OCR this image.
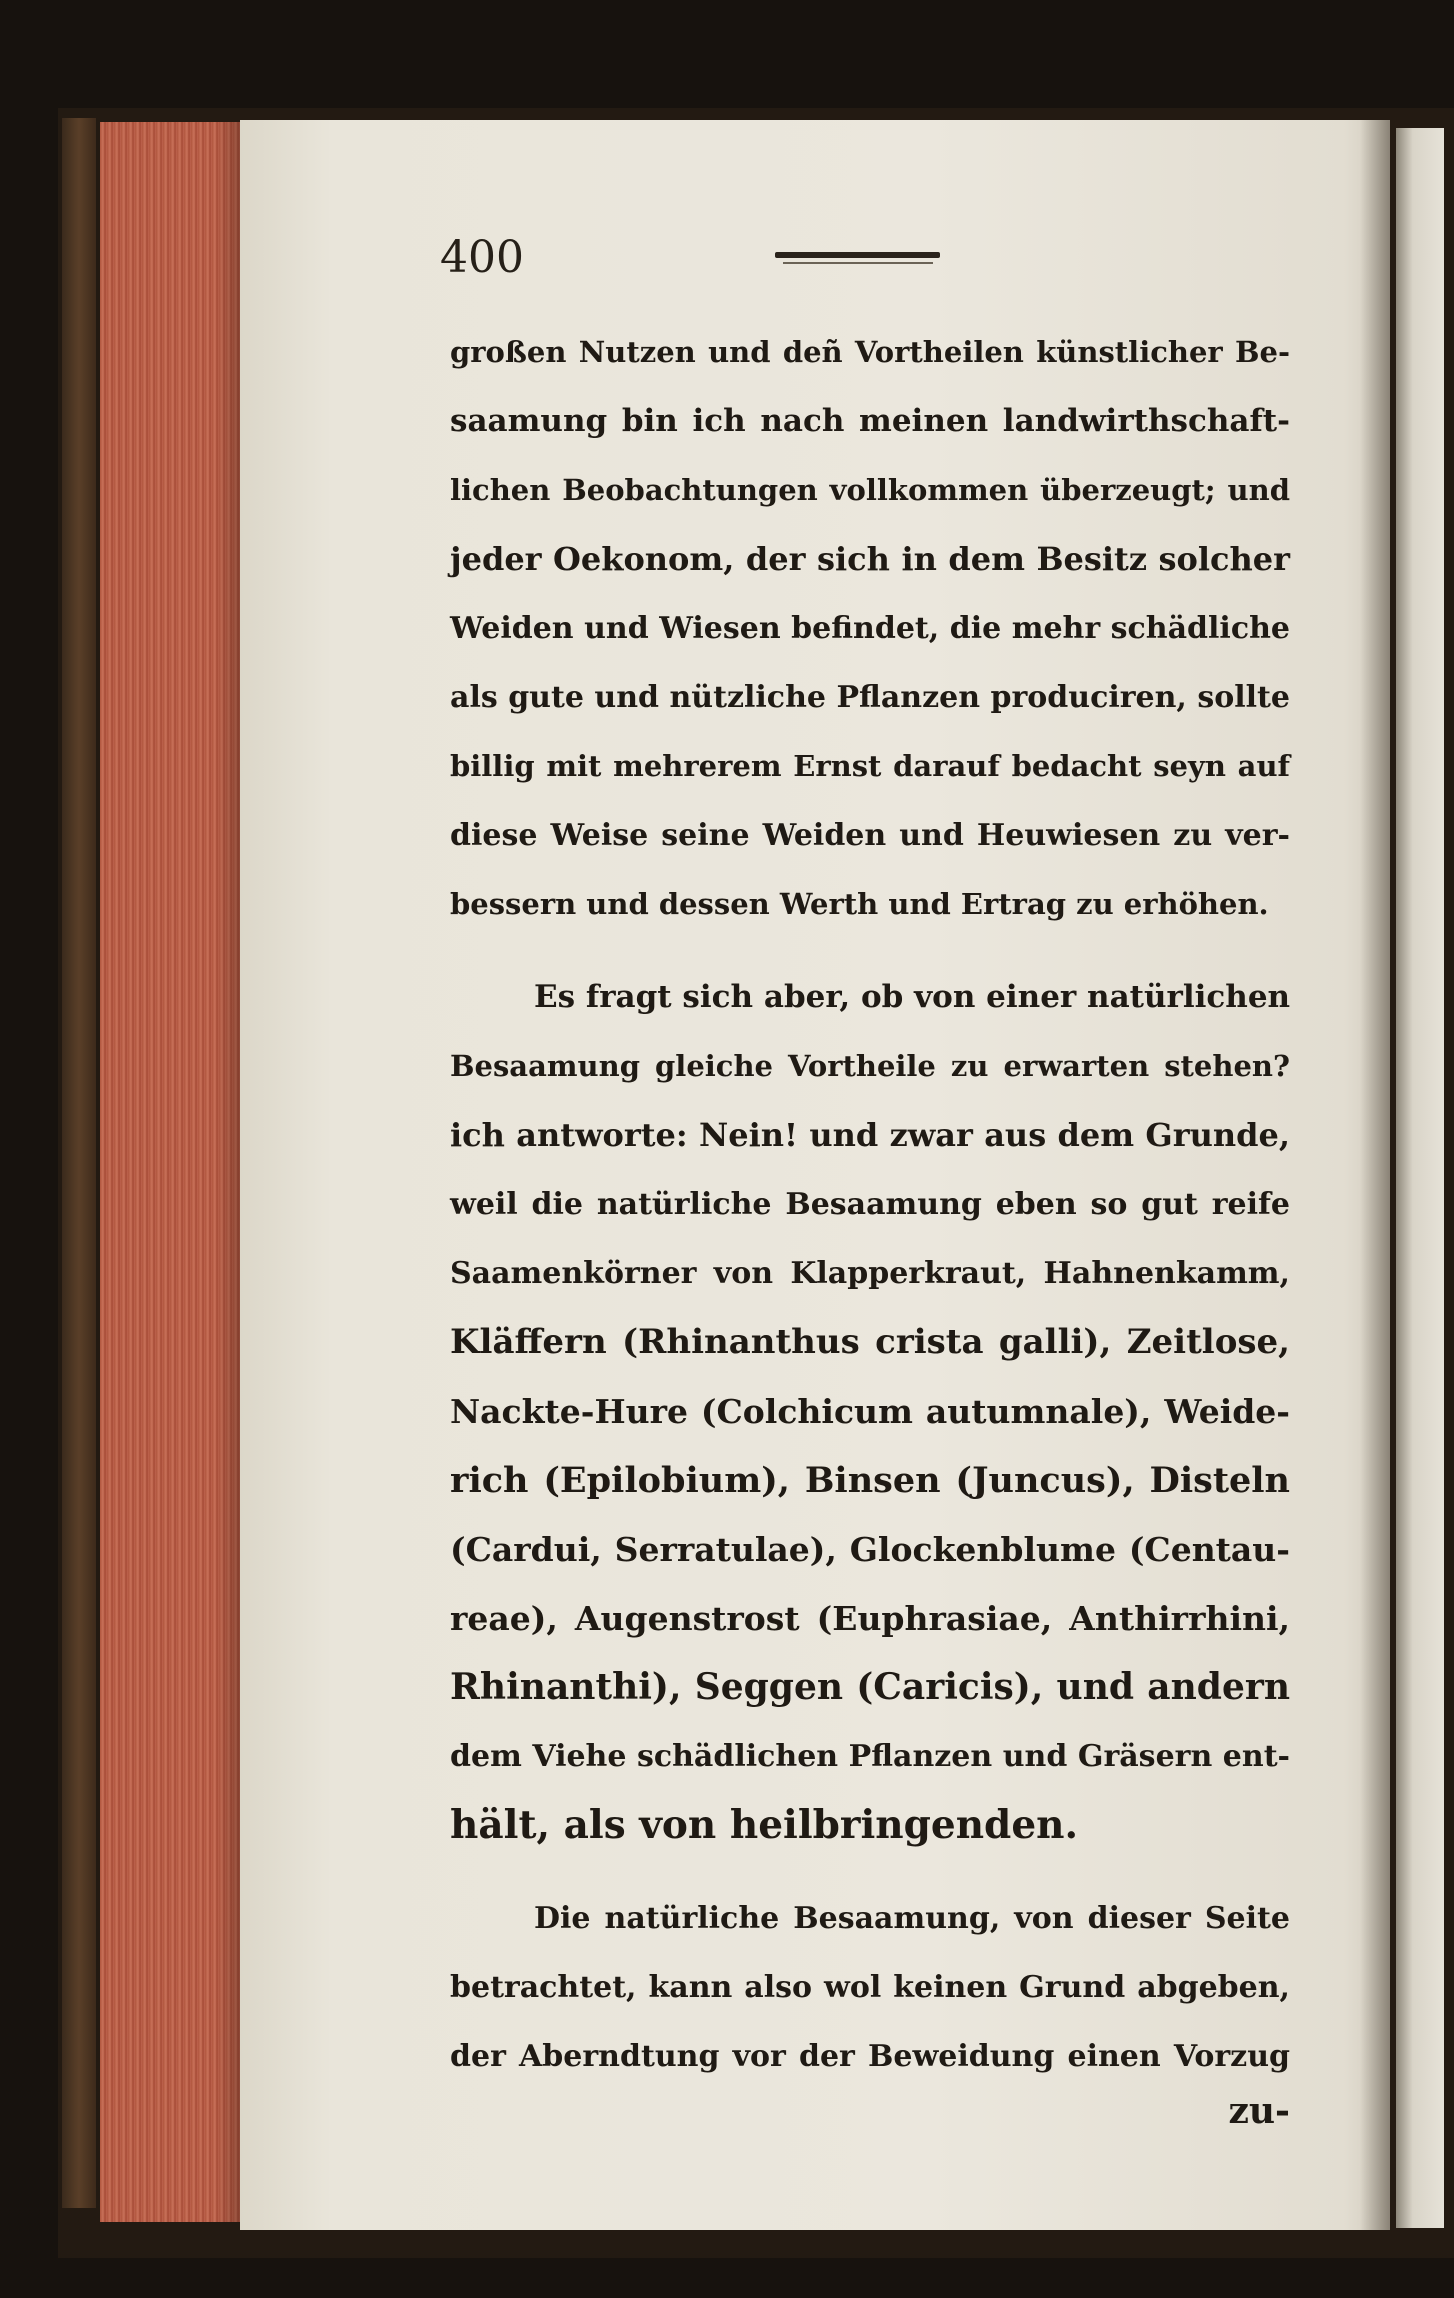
400
großen Nutzen und deñ Vortheilen künstlicher Be-
saamung bin ich nach meinen landwirthschaft-
lichen Beobachtungen vollkommen überzeugt; und
jeder Oekonom, der sich in dem Besitz solcher
Weiden und Wiesen befindet, die mehr schädliche
als gute und nützliche Pflanzen produciren, sollte
billig mit mehrerem Ernst darauf bedacht seyn auf
diese Weise seine Weiden und Heuwiesen zu ver-
bessern und dessen Werth und Ertrag zu erhöhen.
Es fragt sich aber, ob von einer natürlichen
Besaamung gleiche Vortheile zu erwarten stehen?
ich antworte: Nein! und zwar aus dem Grunde,
weil die natürliche Besaamung eben so gut reife
Saamenkörner von Klapperkraut, Hahnenkamm,
Kläffern (Rhinanthus crista galli), Zeitlose,
Nackte-Hure (Colchicum autumnale), Weide-
rich (Epilobium), Binsen (Juncus), Disteln
(Cardui, Serratulae), Glockenblume (Centau-
reae), Augenstrost (Euphrasiae, Anthirrhini,
Rhinanthi), Seggen (Caricis), und andern
dem Viehe schädlichen Pflanzen und Gräsern ent-
hält, als von heilbringenden.
Die natürliche Besaamung, von dieser Seite
betrachtet, kann also wol keinen Grund abgeben,
der Aberndtung vor der Beweidung einen Vorzug
zu-
